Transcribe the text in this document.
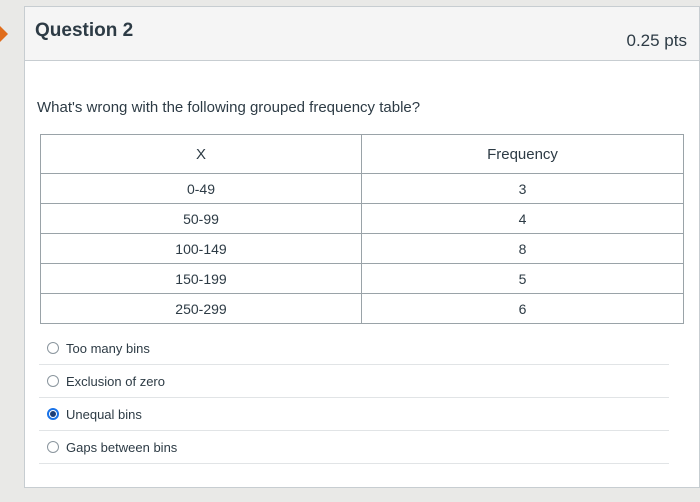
Question 2	0.25 pts
What's wrong with the following grouped frequency table?
X	Frequency
0-49	3
50-99	4
100-149	8
150-199	5
250-299	6
Too many bins
Exclusion of zero
Unequal bins
Gaps between bins
